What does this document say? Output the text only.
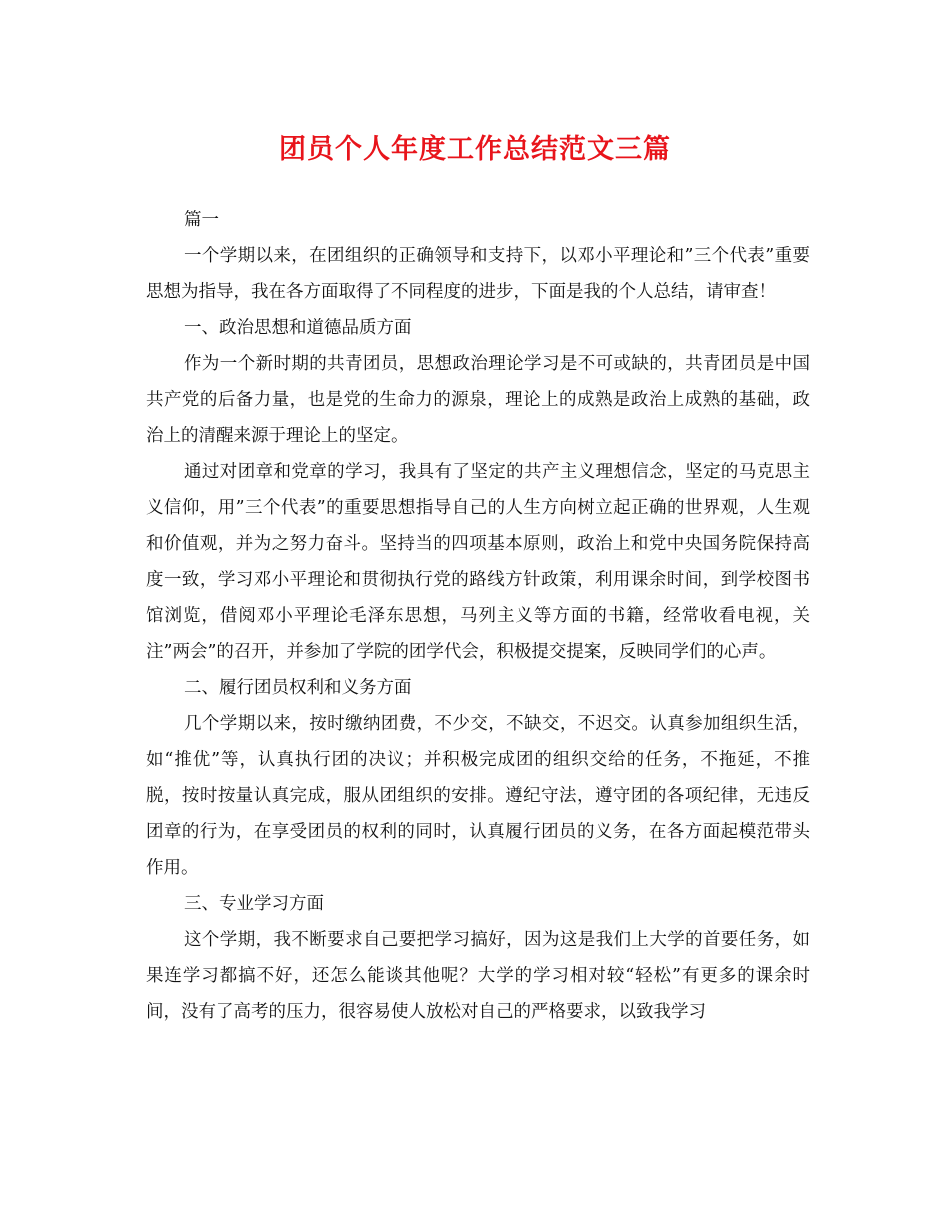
团员个人年度工作总结范文三篇

篇一

一个学期以来，在团组织的正确领导和支持下，以邓小平理论和”三个代表”重要思想为指导，我在各方面取得了不同程度的进步，下面是我的个人总结，请审查！

一、政治思想和道德品质方面

作为一个新时期的共青团员，思想政治理论学习是不可或缺的，共青团员是中国共产党的后备力量，也是党的生命力的源泉，理论上的成熟是政治上成熟的基础，政治上的清醒来源于理论上的坚定。

通过对团章和党章的学习，我具有了坚定的共产主义理想信念，坚定的马克思主义信仰，用”三个代表”的重要思想指导自己的人生方向树立起正确的世界观，人生观和价值观，并为之努力奋斗。坚持当的四项基本原则，政治上和党中央国务院保持高度一致，学习邓小平理论和贯彻执行党的路线方针政策，利用课余时间，到学校图书馆浏览，借阅邓小平理论毛泽东思想，马列主义等方面的书籍，经常收看电视，关注”两会”的召开，并参加了学院的团学代会，积极提交提案，反映同学们的心声。

二、履行团员权利和义务方面

几个学期以来，按时缴纳团费，不少交，不缺交，不迟交。认真参加组织生活，如“推优”等，认真执行团的决议；并积极完成团的组织交给的任务，不拖延，不推脱，按时按量认真完成，服从团组织的安排。遵纪守法，遵守团的各项纪律，无违反团章的行为，在享受团员的权利的同时，认真履行团员的义务，在各方面起模范带头作用。

三、专业学习方面

这个学期，我不断要求自己要把学习搞好，因为这是我们上大学的首要任务，如果连学习都搞不好，还怎么能谈其他呢？大学的学习相对较“轻松”有更多的课余时间，没有了高考的压力，很容易使人放松对自己的严格要求，以致我学习
